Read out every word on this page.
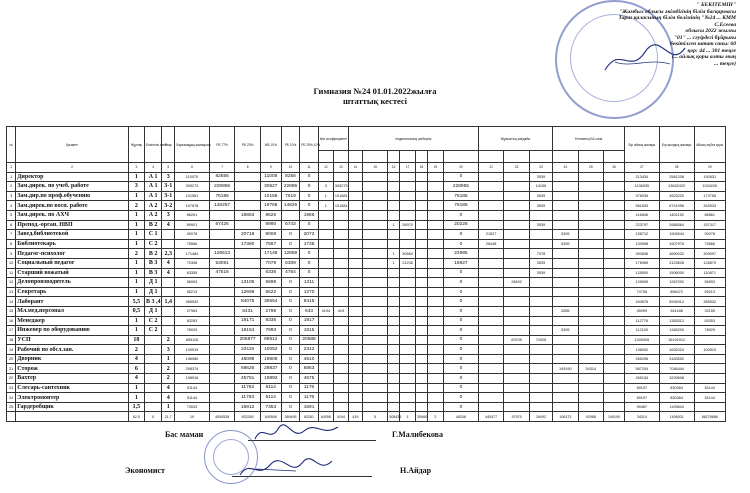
" БЕКІТЕМІН"
"Жамбыл облысы әкімдігінің білім басқармасы
Тараз қаласының білім бөлімінің "№24 ... КММ
С.Есеева
облысы 2022 жылғы
"01" ... сәуірдегі бұйрығы
бекітілген штат саны: 60
қор: 44 ... 301 теңге
(... айлық қоры алты мың
... теңге)
Гимназия №24 01.01.2022жылға
штаттық кестесі
№	Қызметі	Жұрнақ	Біліктілік сана	Разр	Лауазымдық жалақысы	РБ 77%	РБ 23%	ЖБ 10%	РБ 10%	РБ 25%-10%	Кпп коэффициенті		педагогикалық шеберлік							Жұмыстың жағдайы			Үстеменің БА сана			Бір айлық жалақы	Бір жылдық жалақы	Айлық еңбек қоры

1	2	3	4	5	6	7	8	9	10	11	12	13	14	15	16	17	18	19	20	21	22	23	24	25	26	27	28	29
1	Директор	1	А 1	3	110075	82556		11008	8256	0									0			3539				213434	2561208	192631
2	Зам.дирек. по учеб. работе	3	А 1	3-1	305273	228955		30527	22896	0	3	305273							228955			14156				1136035	13632420	1034226
3	Зам.дир.по проф.обучению	1	А 1	3-1	101581	76186		10158	7619	0	1	101581							76186			3539				376935	4523220	173765
4	Зам.дирек.по восп. работе	2	А 2	3-2	197678	148257		19768	14826	0	1	101581							76186			3539				561833	6741996	343933
5	Зам.дирек. по АХЧ	1	А 2	3	86261		19863	8626		1986									0							116846	1402152	86561
6	Препод.-орган. НВП	1	В 2	4	89901	67426		8990	6743	0					1	26970			20228			3539				223797	2685564	157317
7	Завед.библиотекой	1	С 1		90078		20718	9008	0	2072									0	21527			5309			158712	1904544	90078
8	Библиотекарь	1	С 2		75566		17380	7557	0	1738									0	26448			5309			133998	1607976	75566
9	Педагог-психолог	2	В 2	2,3	171484	128613		17148	12858	0					1	30660			22995			7078				390836	4690032	309097
10	Социальный педагог	1	В 3	4	70358	53091		7079	5309	0					1	21236			15927			3539				176969	2123628	128879
11	Старший вожатый	1	В 3	4	63355	47516		6336	4754	0									0			3539				125500	1506000	110871
12	Делопроизводитель	1	Д 1		56993		13106	5698	0	1311									0		28492					105599	1267092	56993
13	Секретарь	1	Д 1		55213		12699	5522	0	1270									0							74706	896472	55213
14	Лаборант	5,5	В 3 ,4	1,4	365532		84075	36554	0	8415									0							494576	5934912	365532
15	Мл.мед.персонал	0,5	Д 1		27963		6431	2796	0	643	4194	419							0				2655			45099	541188	32155
16	Менеджер	1	С 2		83283		19171	8335	0	1917									0							112776	1353312	83353
17	Инженер по оборудованию	1	С 2		78029		18154	7893	0	1815									0				5309			112100	1345200	78929
18	УСП	18		2	895118		205877	89512	0	20588									0		63705	74326				1349326	16191912	
19	Рабочий по обсл.зан.	2		3	100519		23119	10052	0	2312									0							136002	1632024	100519
20	Дворник	4		1	196080		45098	19608	0	4510									0							265296	3183552	
21	Сторож	6		2	298374		68626	29837	0	6863									0				149190	34314		587204	7046444	
22	Вахтер	4		2	198916		45751	19892	0	4575									0							269134	3229608	
23	Слесарь-сантехник	1		4	51144		11763	5114	0	1176									0							69197	830364	51144
24	Электромонтер	1		4	51144		11763	5114	0	1176									0							69197	830364	51144
25	Гардеробщик	1,5		1	73533		16912	7353	0	1691									0							99487	1193844	
		62,5	0	21,7	19	4054538	832260	640506	389495	83261	64058	4194	419	5	508435	1	30660	2	48206	440477	57975	28492	106173	92988	149190	34314	1406001	88276686
Бас маман	Г.Малибекова
Экономист	Н.Айдар
